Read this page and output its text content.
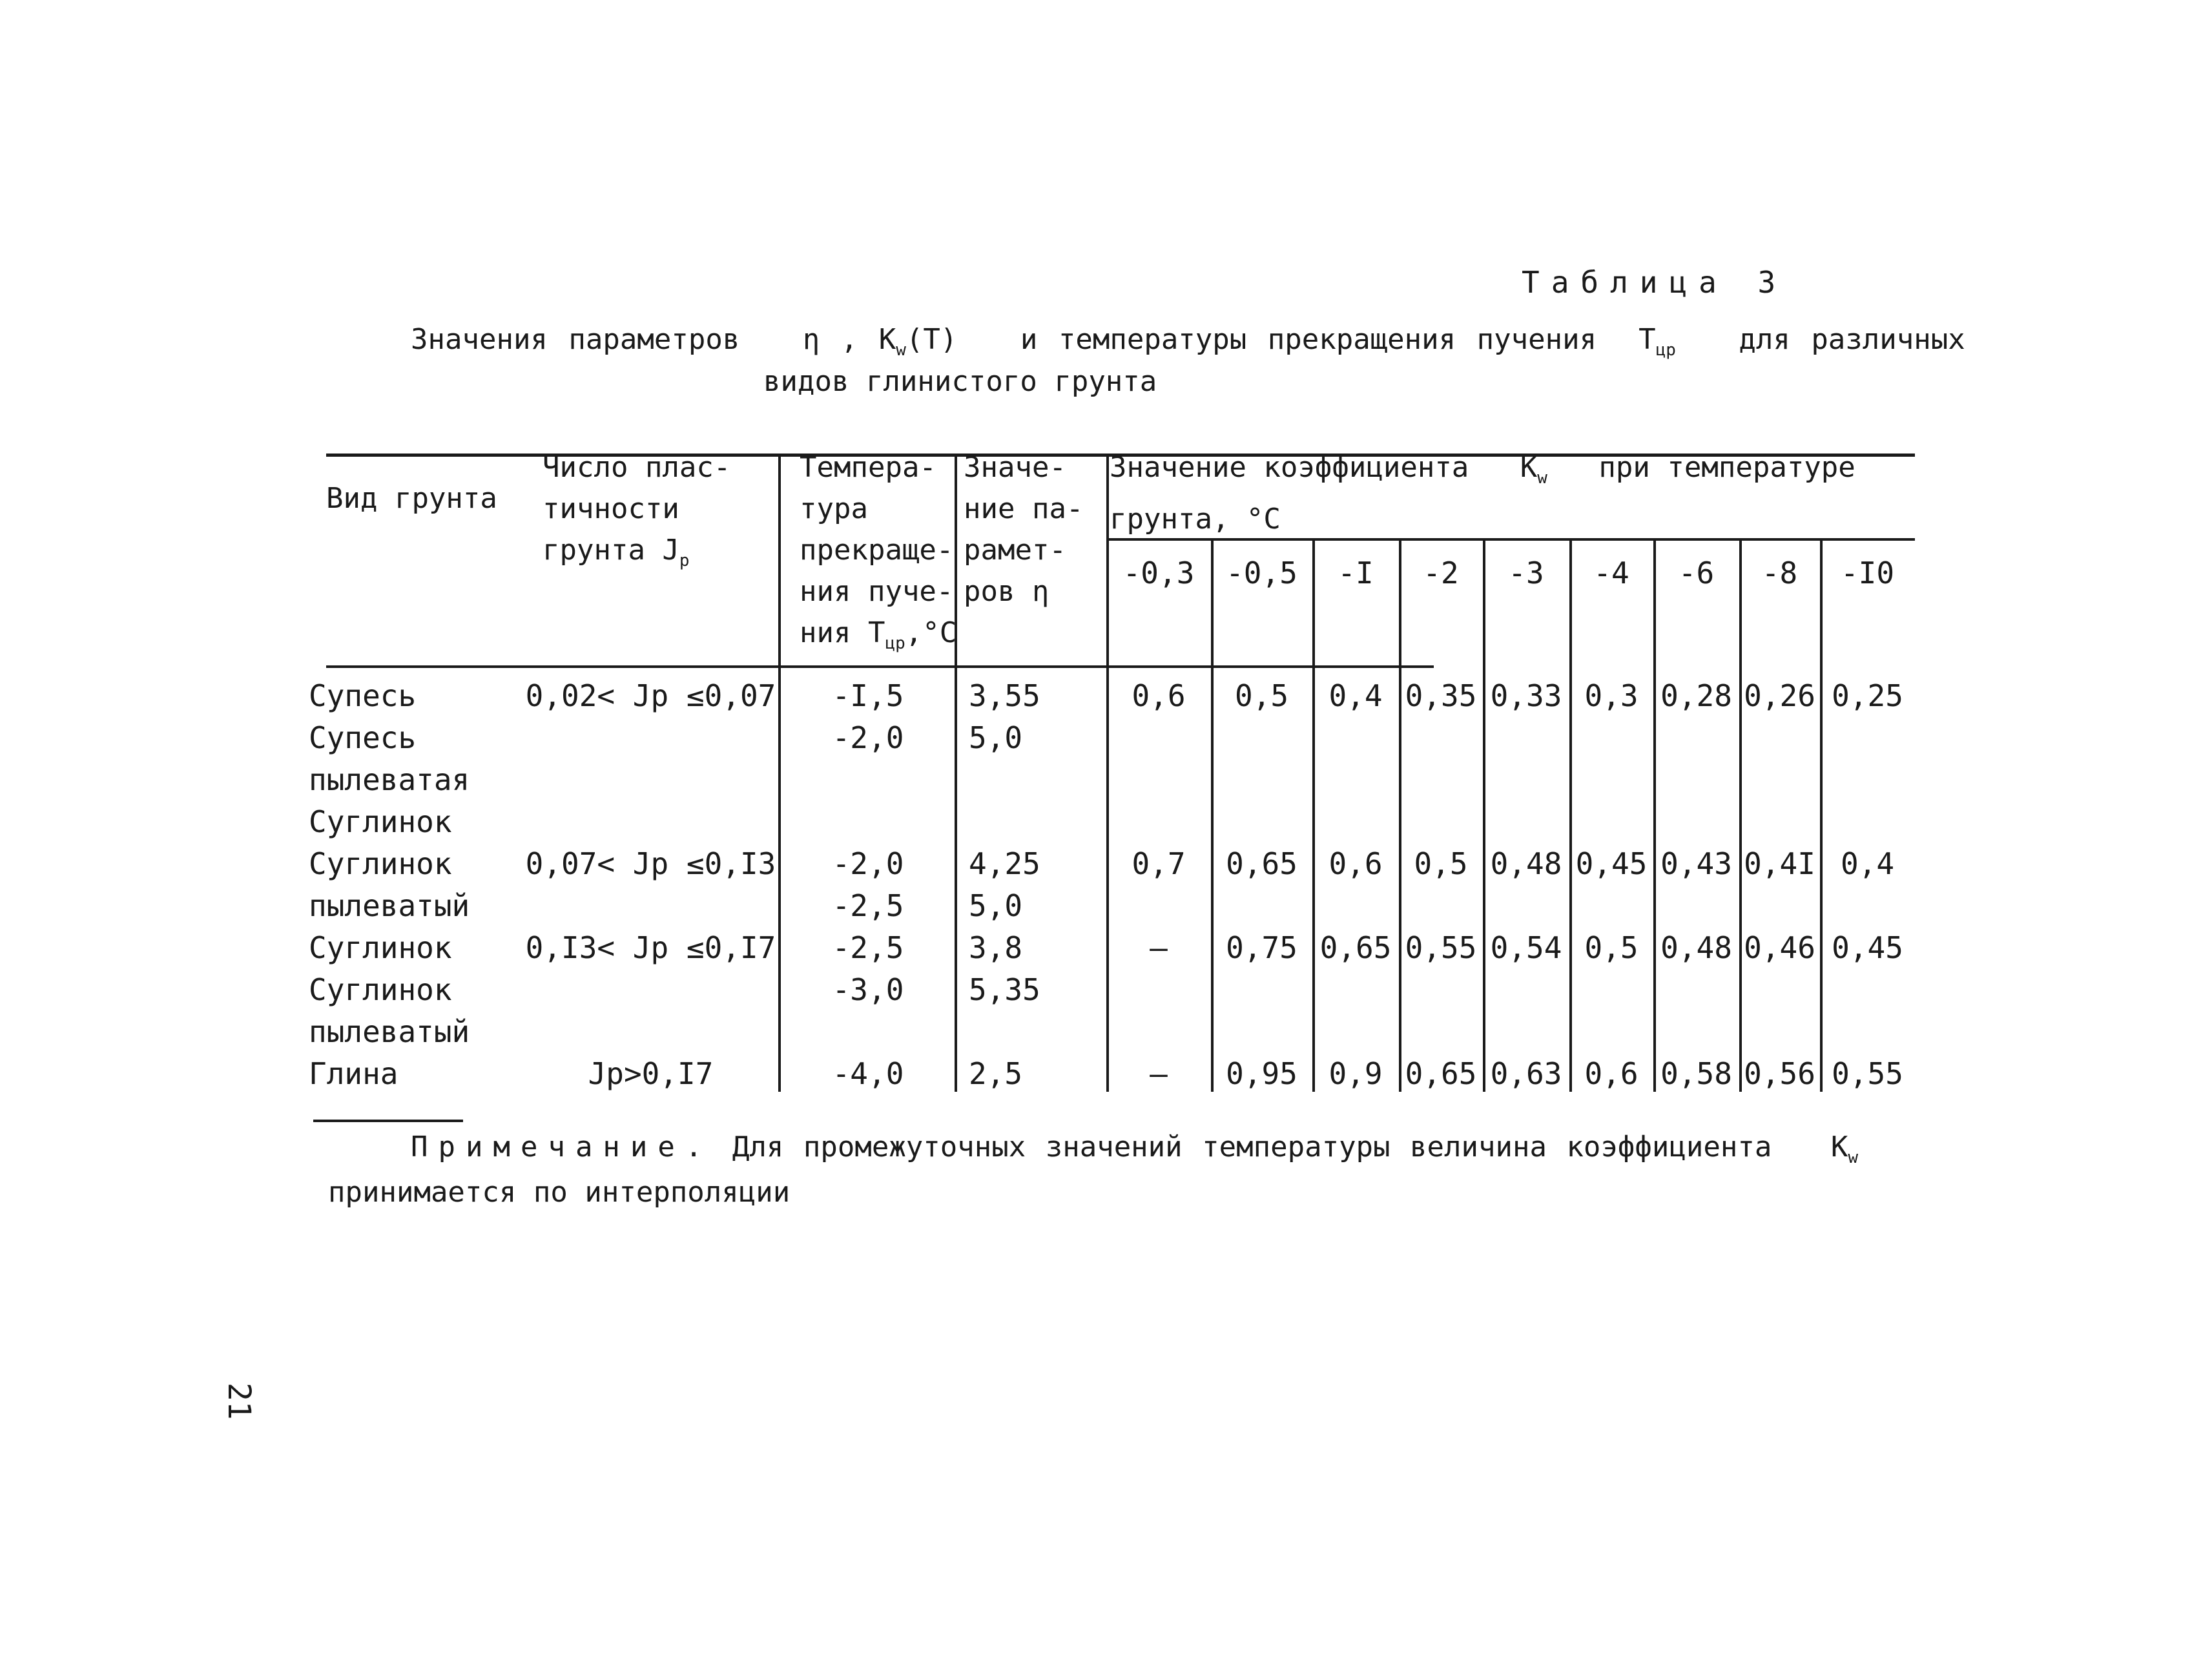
Таблица 3
Значения параметров η , $K_w(T)$ и температуры прекращения пучения $T_{цр}$ для различных
видов глинистого грунта
Вид грунта
Число плас-
тичности
грунта $J_p$
Темпера-
тура
прекраще-
ния пуче-
ния $T_{цр},^\circ C$
Значе-
ние па-
рамет-
ров η
Значение коэффициента $K_w$ при температуре
грунта, °C
-0,3	-0,5	-I	-2	-3	-4	-6	-8	-I0
Супесь	0,02< Jp ≤0,07	-I,5	3,55	0,6	0,5	0,4 0,35 0,33 0,3 0,28 0,26 0,25
Супесь	-2,0	5,0
пылеватая
Суглинок
Суглинок	0,07< Jp ≤0,I3	-2,0	4,25	0,7	0,65	0,6	0,5 0,48 0,45 0,43 0,4I 0,4
пылеватый	-2,5	5,0
Суглинок	0,I3< Jp ≤0,I7	-2,5	3,8	–	0,75 0,65 0,55 0,54 0,5 0,48 0,46 0,45
Суглинок	-3,0	5,35
пылеватый
Глина	Jp>0,I7	-4,0	2,5	–	0,95	0,9 0,65 0,63 0,6 0,58 0,56 0,55
Примечание. Для промежуточных значений температуры величина коэффициента $K_w$
принимается по интерполяции
21
